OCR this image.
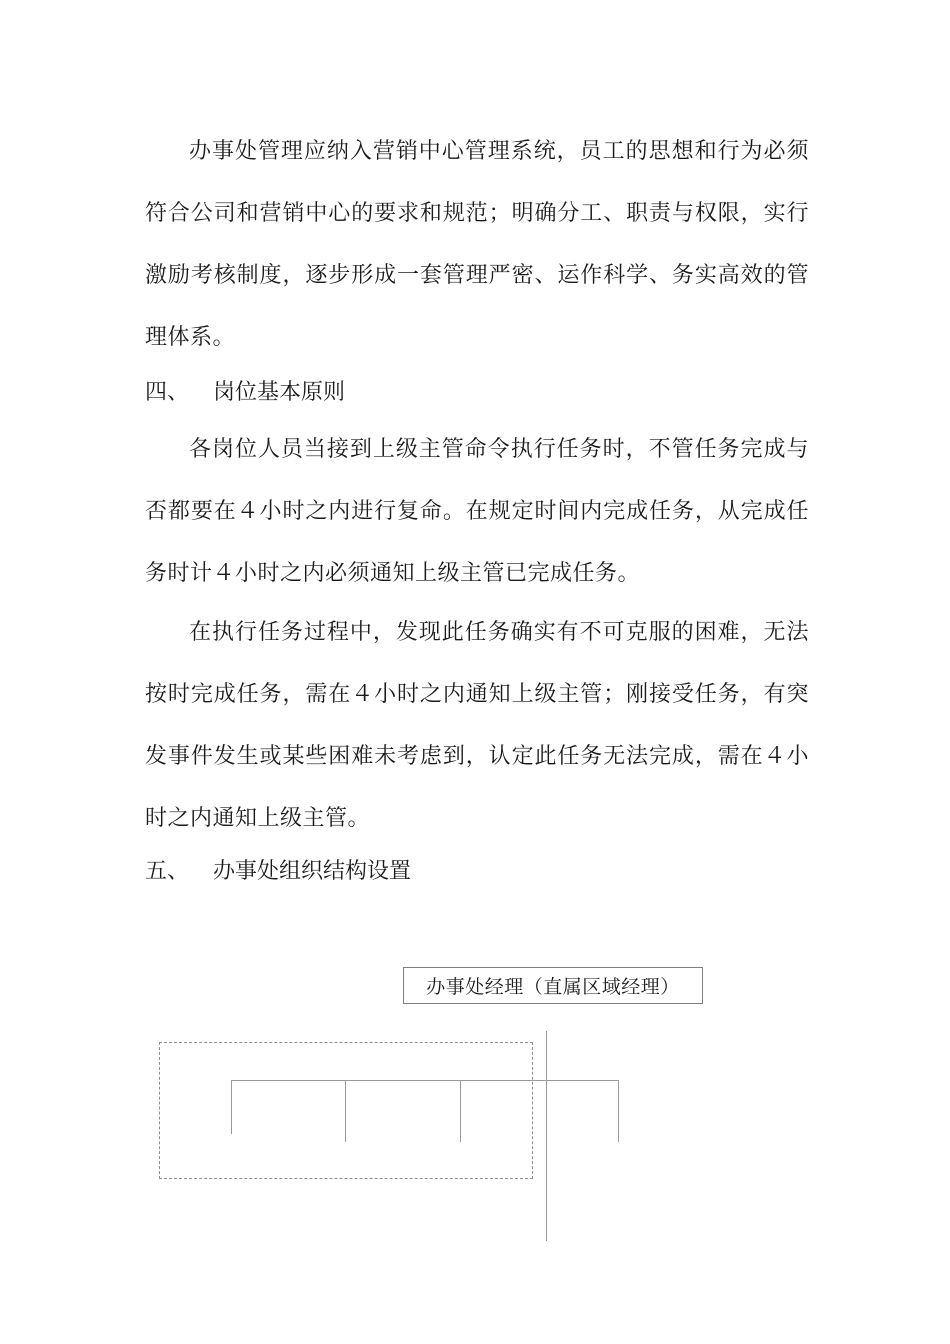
办事处管理应纳入营销中心管理系统，员工的思想和行为必须符合公司和营销中心的要求和规范；明确分工、职责与权限，实行激励考核制度，逐步形成一套管理严密、运作科学、务实高效的管理体系。

四、 岗位基本原则

各岗位人员当接到上级主管命令执行任务时，不管任务完成与否都要在４小时之内进行复命。在规定时间内完成任务，从完成任务时计４小时之内必须通知上级主管已完成任务。

在执行任务过程中，发现此任务确实有不可克服的困难，无法按时完成任务，需在４小时之内通知上级主管；刚接受任务，有突发事件发生或某些困难未考虑到，认定此任务无法完成，需在４小时之内通知上级主管。

五、 办事处组织结构设置
办事处经理（直属区域经理）
